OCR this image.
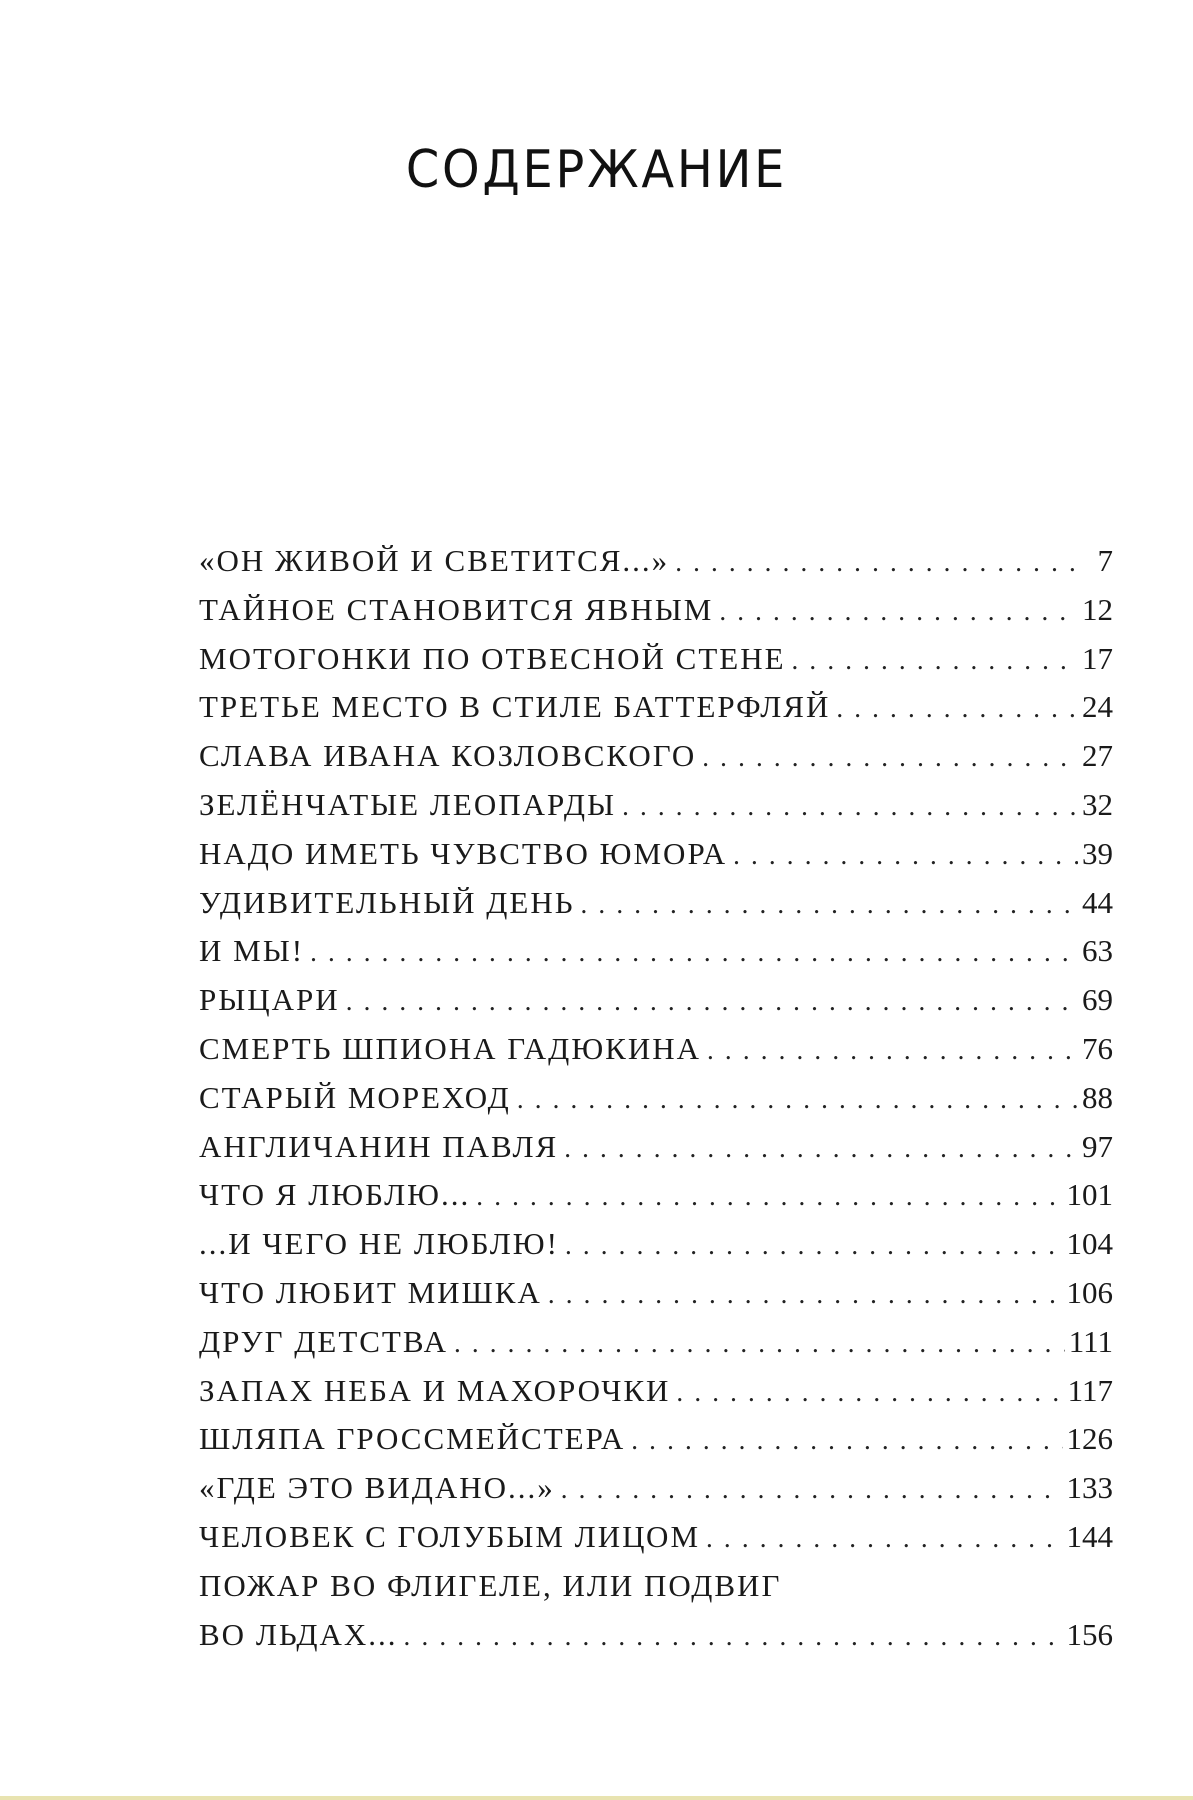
СОДЕРЖАНИЕ
«ОН ЖИВОЙ И СВЕТИТСЯ...» . . .	7
ТАЙНОЕ СТАНОВИТСЯ ЯВНЫМ . . .	12
МОТОГОНКИ ПО ОТВЕСНОЙ СТЕНЕ . . .	17
ТРЕТЬЕ МЕСТО В СТИЛЕ БАТТЕРФЛЯЙ . . .	24
СЛАВА ИВАНА КОЗЛОВСКОГО . . .	27
ЗЕЛЁНЧАТЫЕ ЛЕОПАРДЫ . . .	32
НАДО ИМЕТЬ ЧУВСТВО ЮМОРА . . .	39
УДИВИТЕЛЬНЫЙ ДЕНЬ . . .	44
И МЫ! . . .	63
РЫЦАРИ . . .	69
СМЕРТЬ ШПИОНА ГАДЮКИНА . . .	76
СТАРЫЙ МОРЕХОД . . .	88
АНГЛИЧАНИН ПАВЛЯ . . .	97
ЧТО Я ЛЮБЛЮ... . . .	101
...И ЧЕГО НЕ ЛЮБЛЮ! . . .	104
ЧТО ЛЮБИТ МИШКА . . .	106
ДРУГ ДЕТСТВА . . .	111
ЗАПАХ НЕБА И МАХОРОЧКИ . . .	117
ШЛЯПА ГРОССМЕЙСТЕРА . . .	126
«ГДЕ ЭТО ВИДАНО...» . . .	133
ЧЕЛОВЕК С ГОЛУБЫМ ЛИЦОМ . . .	144
ПОЖАР ВО ФЛИГЕЛЕ, ИЛИ ПОДВИГ
ВО ЛЬДАХ... . . .	156
